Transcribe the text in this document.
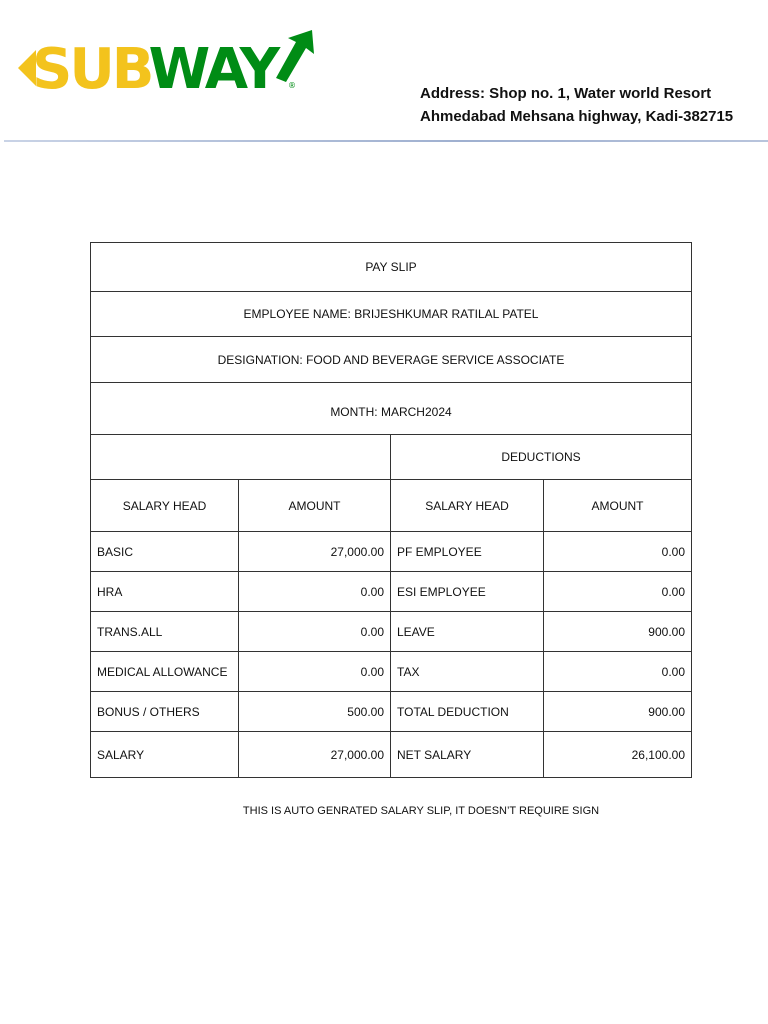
SUBWAY	®	Address: Shop no. 1, Water world Resort
Ahmedabad Mehsana highway, Kadi-382715
PAY SLIP			
EMPLOYEE NAME: BRIJESHKUMAR RATILAL PATEL			
DESIGNATION: FOOD AND BEVERAGE SERVICE ASSOCIATE			
MONTH: MARCH2024			
		DEDUCTIONS	
SALARY HEAD	AMOUNT	SALARY HEAD	AMOUNT
BASIC	27,000.00	PF EMPLOYEE	0.00
HRA	0.00	ESI EMPLOYEE	0.00
TRANS.ALL	0.00	LEAVE	900.00
MEDICAL ALLOWANCE	0.00	TAX	0.00
BONUS / OTHERS	500.00	TOTAL DEDUCTION	900.00
SALARY	27,000.00	NET SALARY	26,100.00
THIS IS AUTO GENRATED SALARY SLIP, IT DOESN’T REQUIRE SIGN
